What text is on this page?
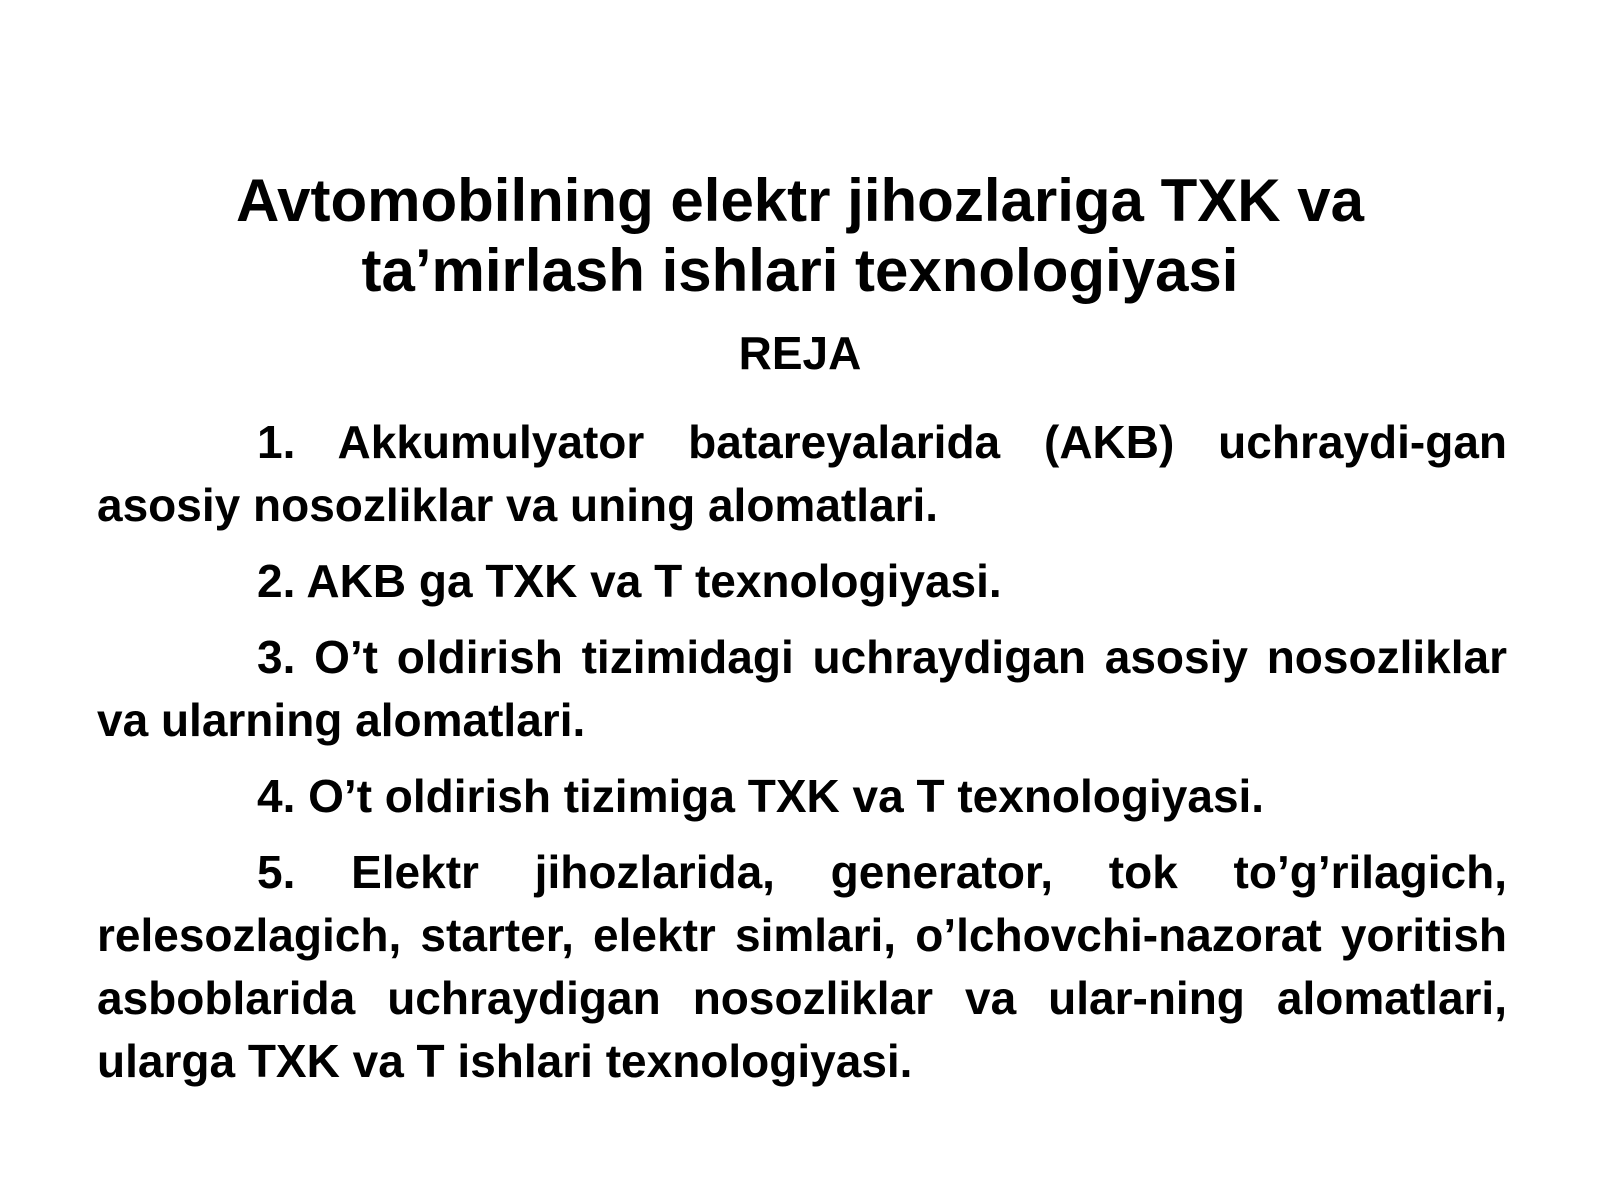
Avtomobilning elektr jihozlariga TXK va
ta’mirlash ishlari texnologiyasi
REJA
1. Akkumulyator batareyalarida (AKB) uchraydi-gan asosiy nosozliklar va uning alomatlari.
2. AKB ga TXK va T texnologiyasi.
3. O’t oldirish tizimidagi uchraydigan asosiy nosozliklar va ularning alomatlari.
4. O’t oldirish tizimiga TXK va T texnologiyasi.
5. Elektr jihozlarida, generator, tok to’g’rilagich, relesozlagich, starter, elektr simlari, o’lchovchi-nazorat yoritish asboblarida uchraydigan nosozliklar va ular-ning alomatlari, ularga TXK va T ishlari texnologiyasi.
